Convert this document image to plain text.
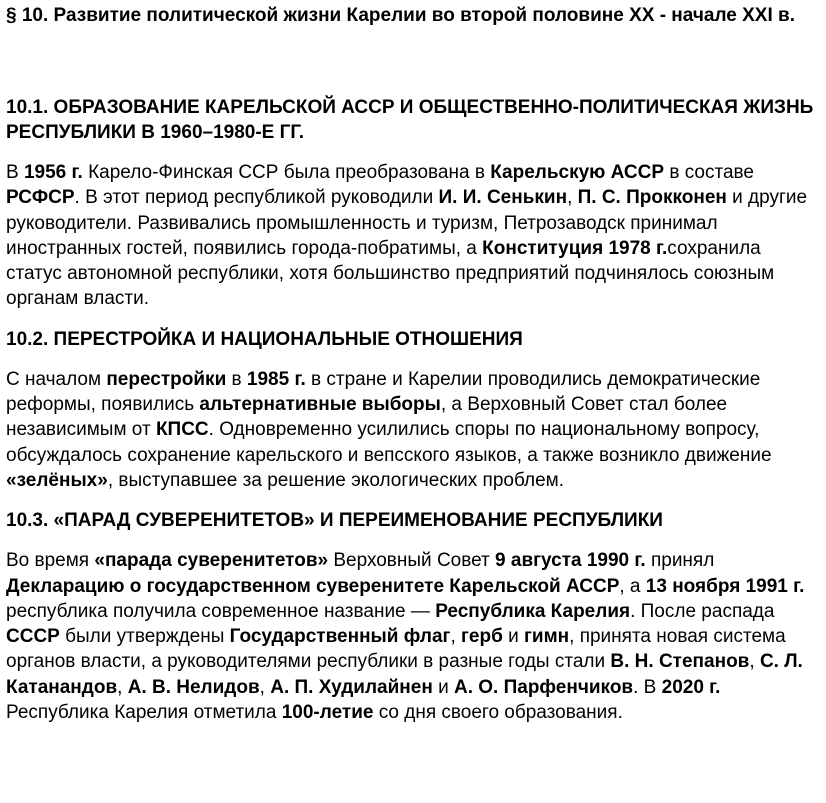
§ 10. Развитие политической жизни Карелии во второй половине XX - начале XXI в.
10.1. ОБРАЗОВАНИЕ КАРЕЛЬСКОЙ АССР И ОБЩЕСТВЕННО-ПОЛИТИЧЕСКАЯ ЖИЗНЬ РЕСПУБЛИКИ В 1960–1980-Е ГГ.

В 1956 г. Карело-Финская ССР была преобразована в Карельскую АССР в составе РСФСР. В этот период республикой руководили И. И. Сенькин, П. С. Прокконен и другие руководители. Развивались промышленность и туризм, Петрозаводск принимал иностранных гостей, появились города-побратимы, а Конституция 1978 г.сохранила статус автономной республики, хотя большинство предприятий подчинялось союзным органам власти.

10.2. ПЕРЕСТРОЙКА И НАЦИОНАЛЬНЫЕ ОТНОШЕНИЯ

С началом перестройки в 1985 г. в стране и Карелии проводились демократические реформы, появились альтернативные выборы, а Верховный Совет стал более независимым от КПСС. Одновременно усилились споры по национальному вопросу, обсуждалось сохранение карельского и вепсского языков, а также возникло движение «зелёных», выступавшее за решение экологических проблем.

10.3. «ПАРАД СУВЕРЕНИТЕТОВ» И ПЕРЕИМЕНОВАНИЕ РЕСПУБЛИКИ

Во время «парада суверенитетов» Верховный Совет 9 августа 1990 г. принял Декларацию о государственном суверенитете Карельской АССР, а 13 ноября 1991 г. республика получила современное название — Республика Карелия. После распада СССР были утверждены Государственный флаг, герб и гимн, принята новая система органов власти, а руководителями республики в разные годы стали В. Н. Степанов, С. Л. Катанандов, А. В. Нелидов, А. П. Худилайнен и А. О. Парфенчиков. В 2020 г. Республика Карелия отметила 100-летие со дня своего образования.
